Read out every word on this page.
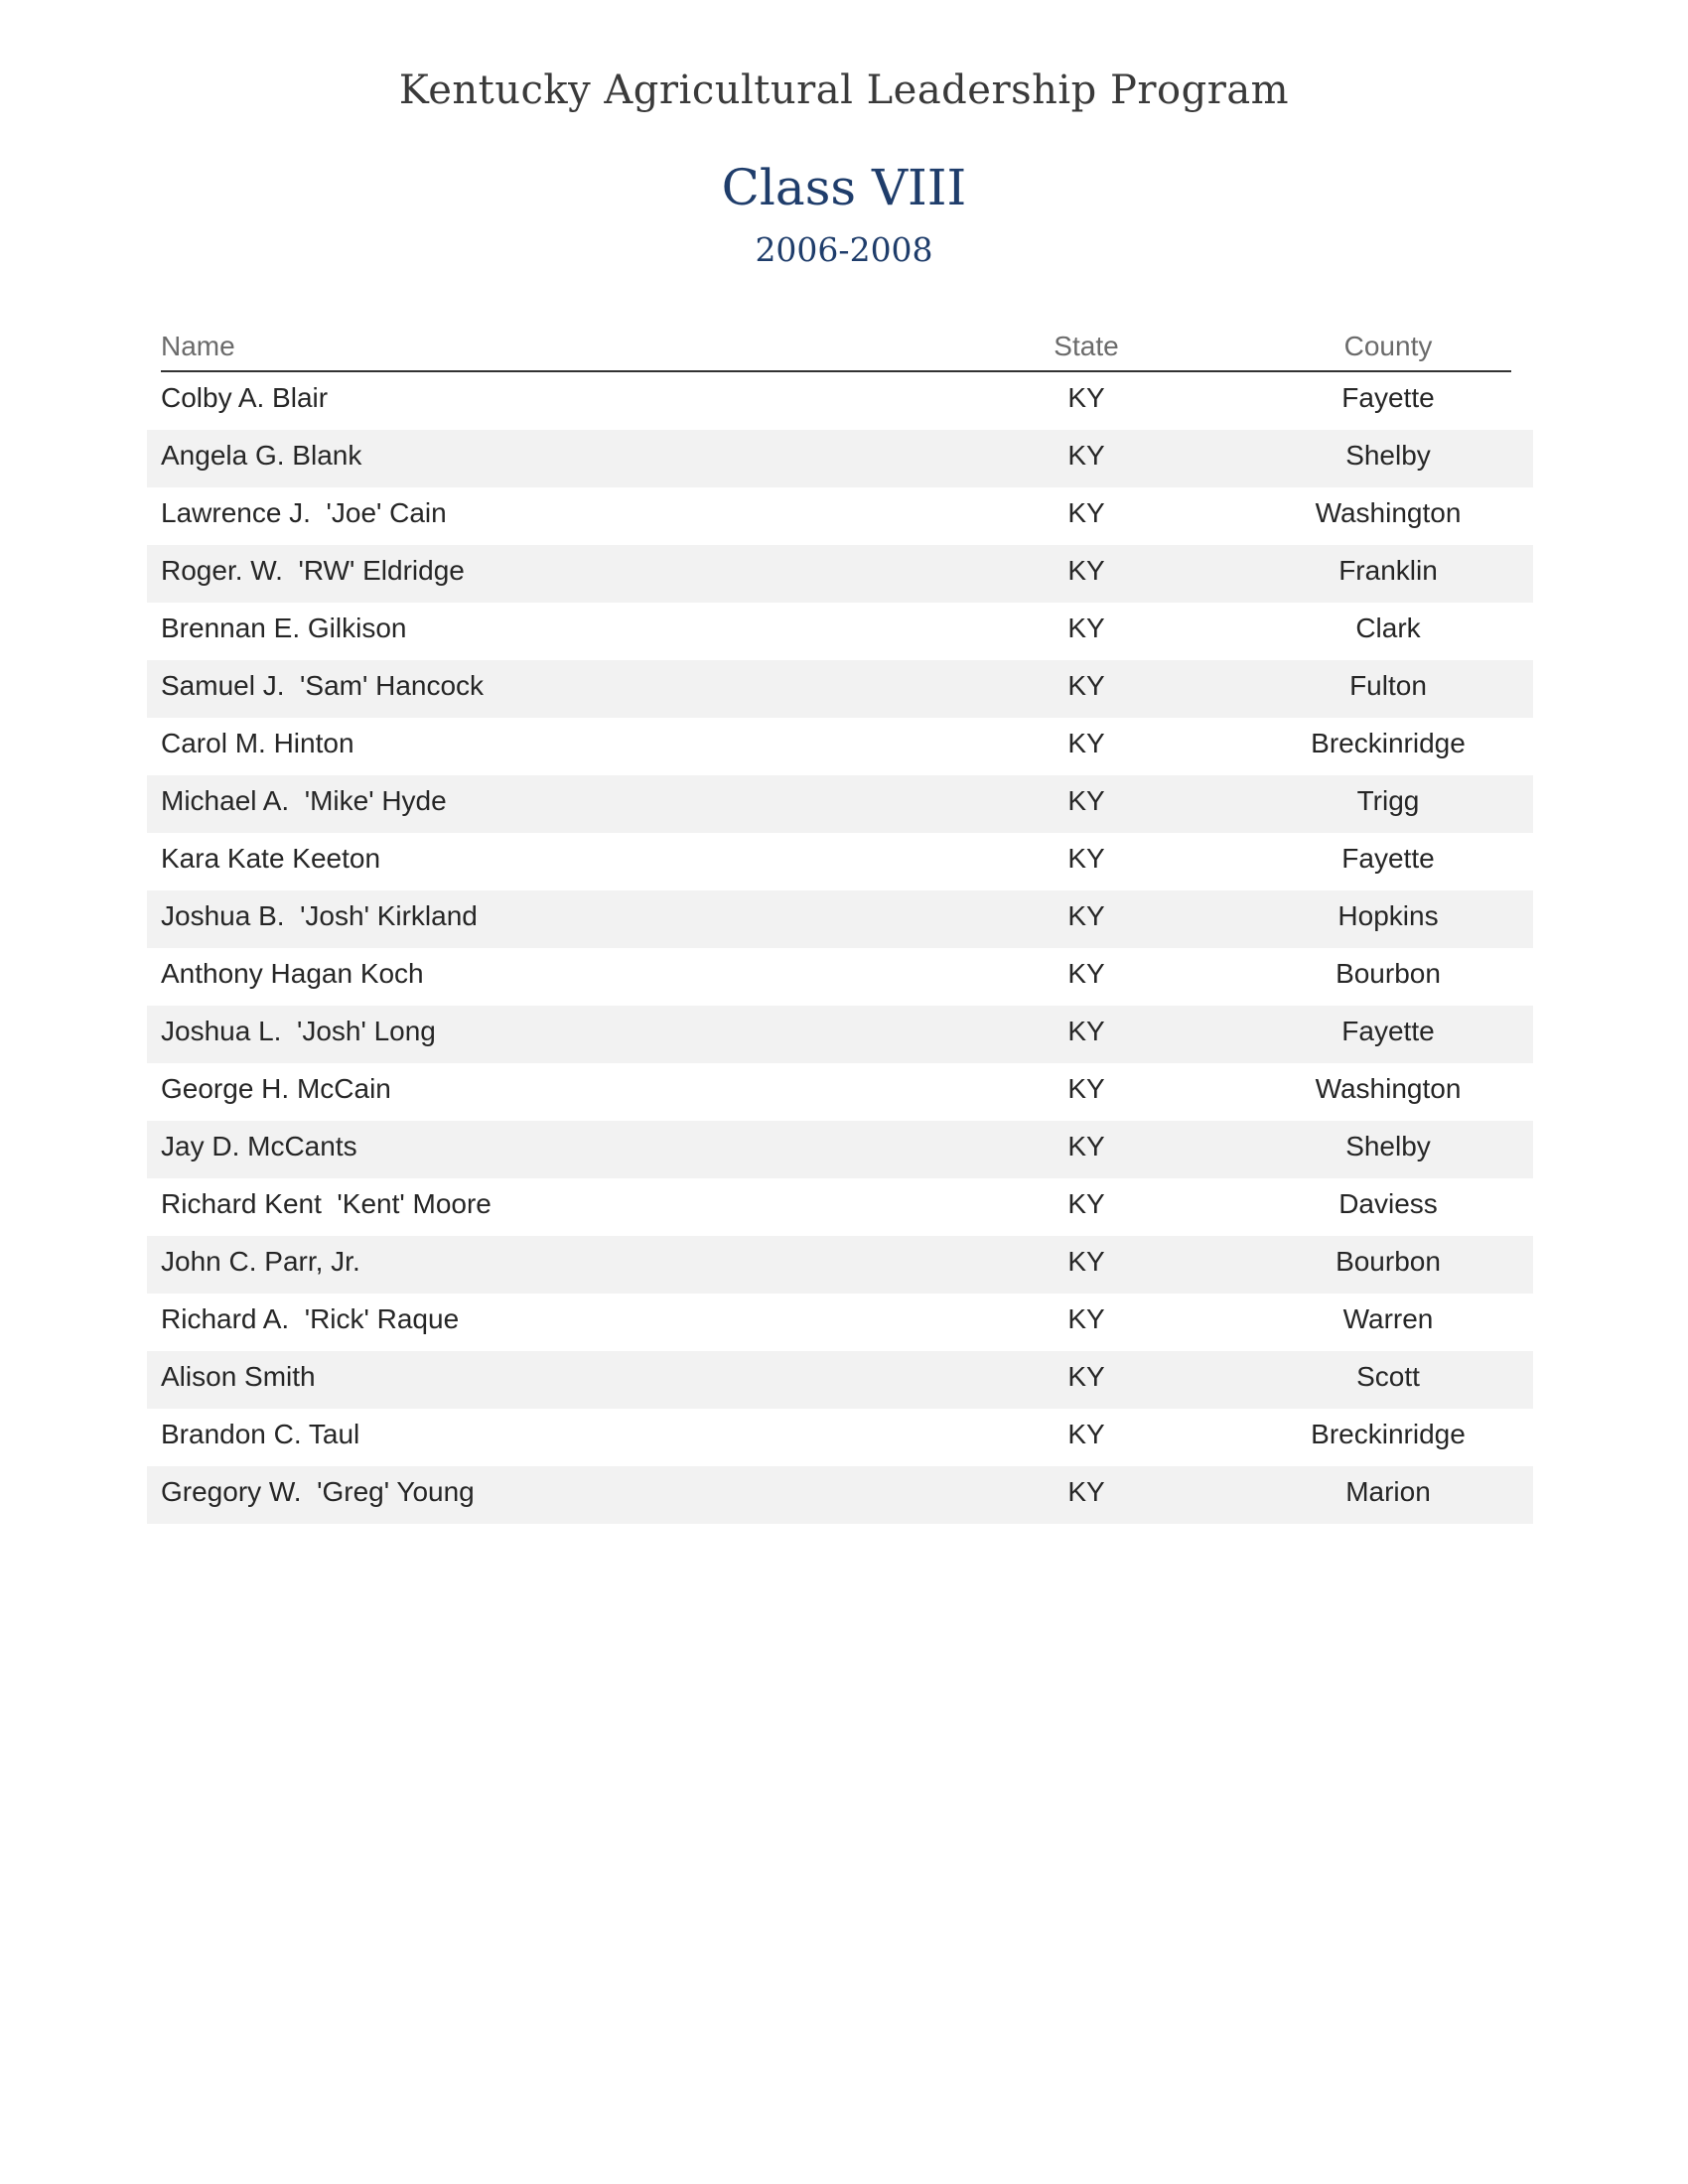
Kentucky Agricultural Leadership Program
Class VIII
2006-2008
Name	State	County
Colby A. Blair	KY	Fayette
Angela G. Blank	KY	Shelby
Lawrence J.  'Joe' Cain	KY	Washington
Roger. W.  'RW' Eldridge	KY	Franklin
Brennan E. Gilkison	KY	Clark
Samuel J.  'Sam' Hancock	KY	Fulton
Carol M. Hinton	KY	Breckinridge
Michael A.  'Mike' Hyde	KY	Trigg
Kara Kate Keeton	KY	Fayette
Joshua B.  'Josh' Kirkland	KY	Hopkins
Anthony Hagan Koch	KY	Bourbon
Joshua L.  'Josh' Long	KY	Fayette
George H. McCain	KY	Washington
Jay D. McCants	KY	Shelby
Richard Kent  'Kent' Moore	KY	Daviess
John C. Parr, Jr.	KY	Bourbon
Richard A.  'Rick' Raque	KY	Warren
Alison Smith	KY	Scott
Brandon C. Taul	KY	Breckinridge
Gregory W.  'Greg' Young	KY	Marion
